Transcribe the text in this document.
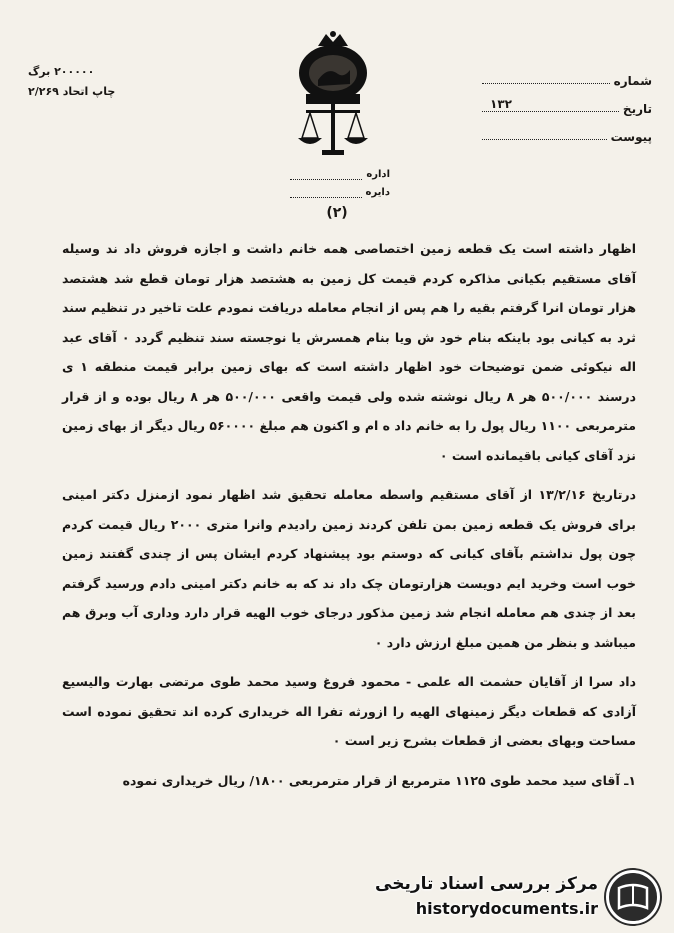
۲۰۰۰۰۰ برگ
چاپ اتحاد ۲/۲۶۹
شماره
تاریخ
۱۳۲
پیوست
اداره
دایره
(۲)

اظهار داشته است یک قطعه زمین اختصاصی همه خانم داشت و اجازه فروش داد ند وسیله آقای مستقیم بکیانی مذاکره کردم قیمت کل زمین به هشتصد هزار تومان قطع شد هشتصد هزار تومان انرا گرفتم بقیه را هم پس از انجام معامله دریافت نمودم علت تاخیر در تنظیم سند ثرد به کیانی بود باینکه بنام خود ش ویا بنام همسرش یا نوجسته سند تنظیم گردد ۰ آقای عبد اله نیکوئی ضمن توضیحات خود اظهار داشته است که بهای زمین برابر قیمت منطقه ۱ ی درسند ۵۰۰/۰۰۰ هر ۸ ریال نوشته شده ولی قیمت واقعی ۵۰۰/۰۰۰ هر ۸ ریال بوده و از قرار مترمربعی ۱۱۰۰ ریال پول را به خانم داد ه ام و اکنون هم مبلغ ۵۶۰۰۰۰ ریال دیگر از بهای زمین نزد آقای کیانی باقیمانده است ۰

درتاریخ ۱۳/۲/۱۶ از آقای مستقیم واسطه معامله تحقیق شد اظهار نمود ازمنزل دکتر امینی برای فروش یک قطعه زمین بمن تلفن کردند زمین رادیدم وانرا متری ۲۰۰۰ ریال قیمت کردم چون پول نداشتم بآقای کیانی که دوستم بود پیشنهاد کردم ایشان پس از چندی گفتند زمین خوب است وخرید ایم دویست هزارتومان چک داد ند که به خانم دکتر امینی دادم ورسید گرفتم بعد از چندی هم معامله انجام شد زمین مذکور درجای خوب الهیه قرار دارد وداری آب وبرق هم میباشد و بنظر من همین مبلغ ارزش دارد ۰

داد سرا از آقایان حشمت اله علمی - محمود فروغ وسید محمد طوی مرتضی بهارت والیسیع آزادی که قطعات دیگر زمینهای الهیه را ازورثه تفرا اله خریداری کرده اند تحقیق نموده است مساحت وبهای بعضی از قطعات بشرح زیر است ۰

۱ـ آقای سید محمد طوی ۱۱۲۵ مترمربع از قرار مترمربعی ۱۸۰۰/ ریال خریداری نموده

مرکز بررسی اسناد تاریخی
historydocuments.ir
